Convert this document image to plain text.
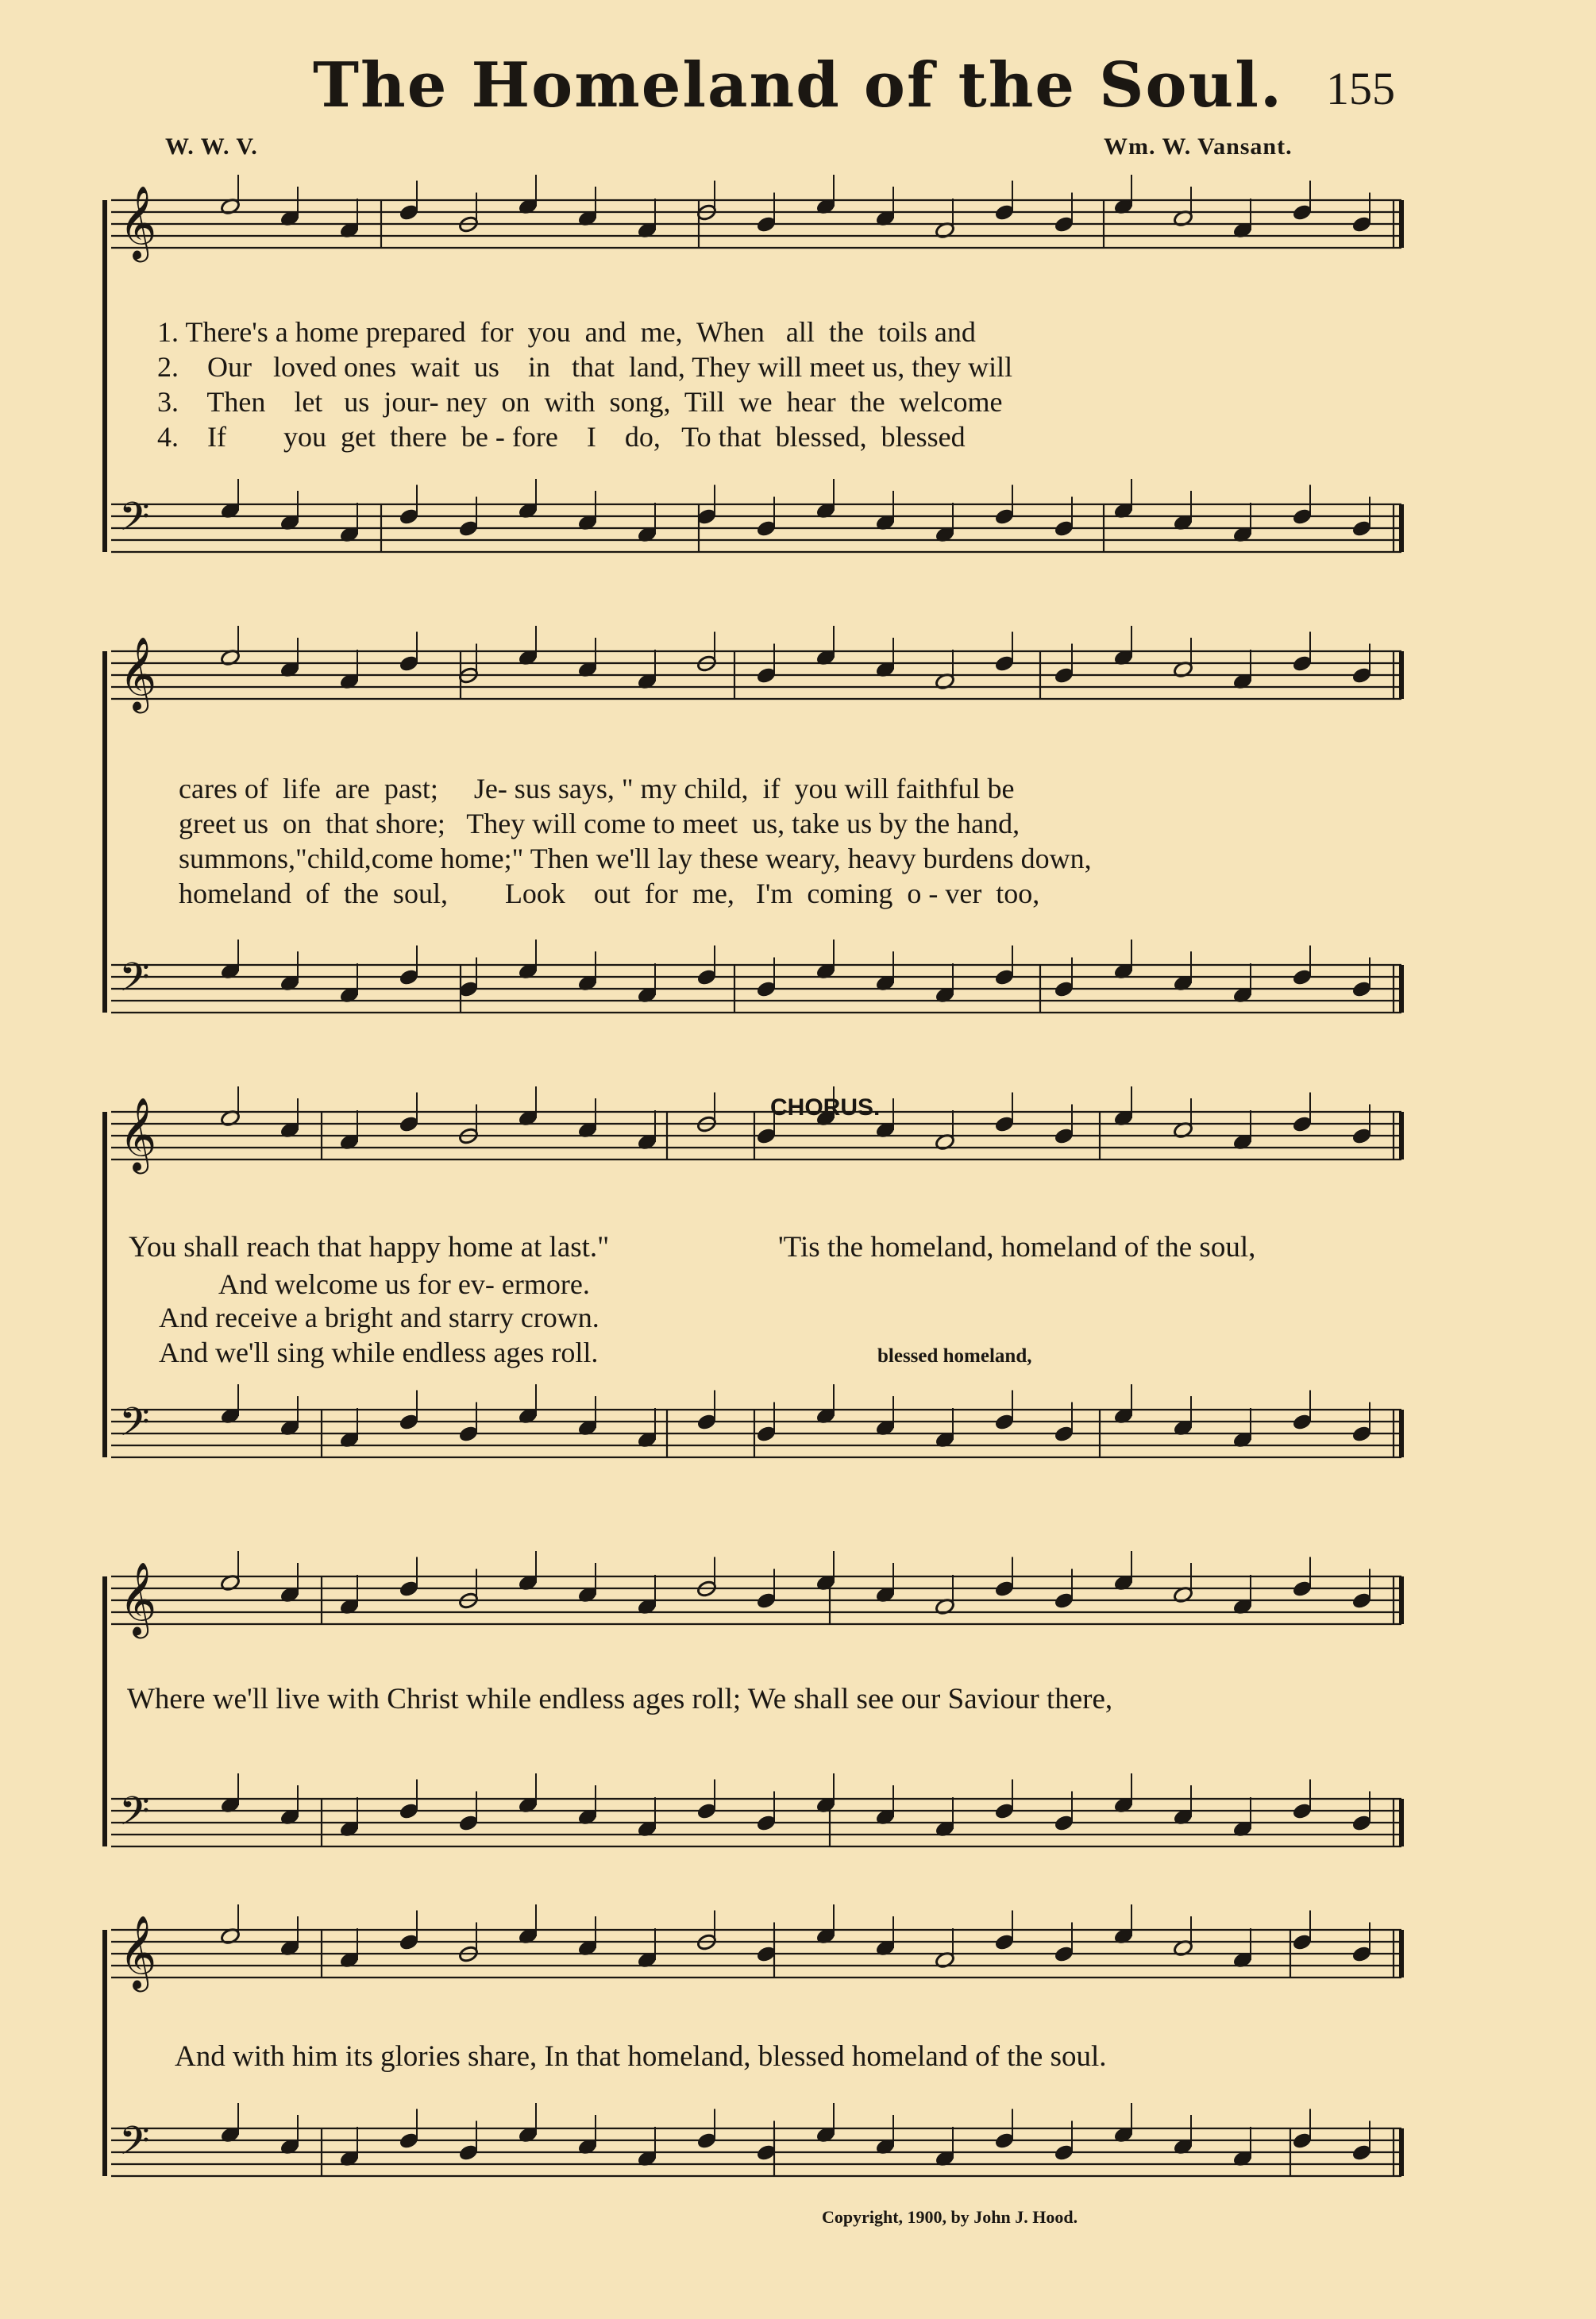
The Homeland of the Soul. 155
W. W. V.	Wm. W. Vansant.
𝄞
𝄢
𝄞
𝄢
𝄞
𝄢
𝄞
𝄢
𝄞
𝄢
1. There's a home prepared  for  you  and  me,  When   all  the  toils and
2.    Our   loved ones  wait  us    in   that  land, They will meet us, they will
3.    Then    let   us  jour- ney  on  with  song,  Till  we  hear  the  welcome
4.    If        you  get  there  be - fore    I    do,   To that  blessed,  blessed
cares of  life  are  past;     Je- sus says, " my child,  if  you will faithful be
greet us  on  that shore;   They will come to meet  us, take us by the hand,
summons,"child,come home;" Then we'll lay these weary, heavy burdens down,
homeland  of  the  soul,        Look    out  for  me,   I'm  coming  o - ver  too,
CHORUS.
You shall reach that happy home at last."	'Tis the homeland, homeland of the soul,
And welcome us for ev- ermore.
And receive a bright and starry crown.
And we'll sing while endless ages roll.	blessed homeland,
Where we'll live with Christ while endless ages roll; We shall see our Saviour there,
And with him its glories share, In that homeland, blessed homeland of the soul.
Copyright, 1900, by John J. Hood.
